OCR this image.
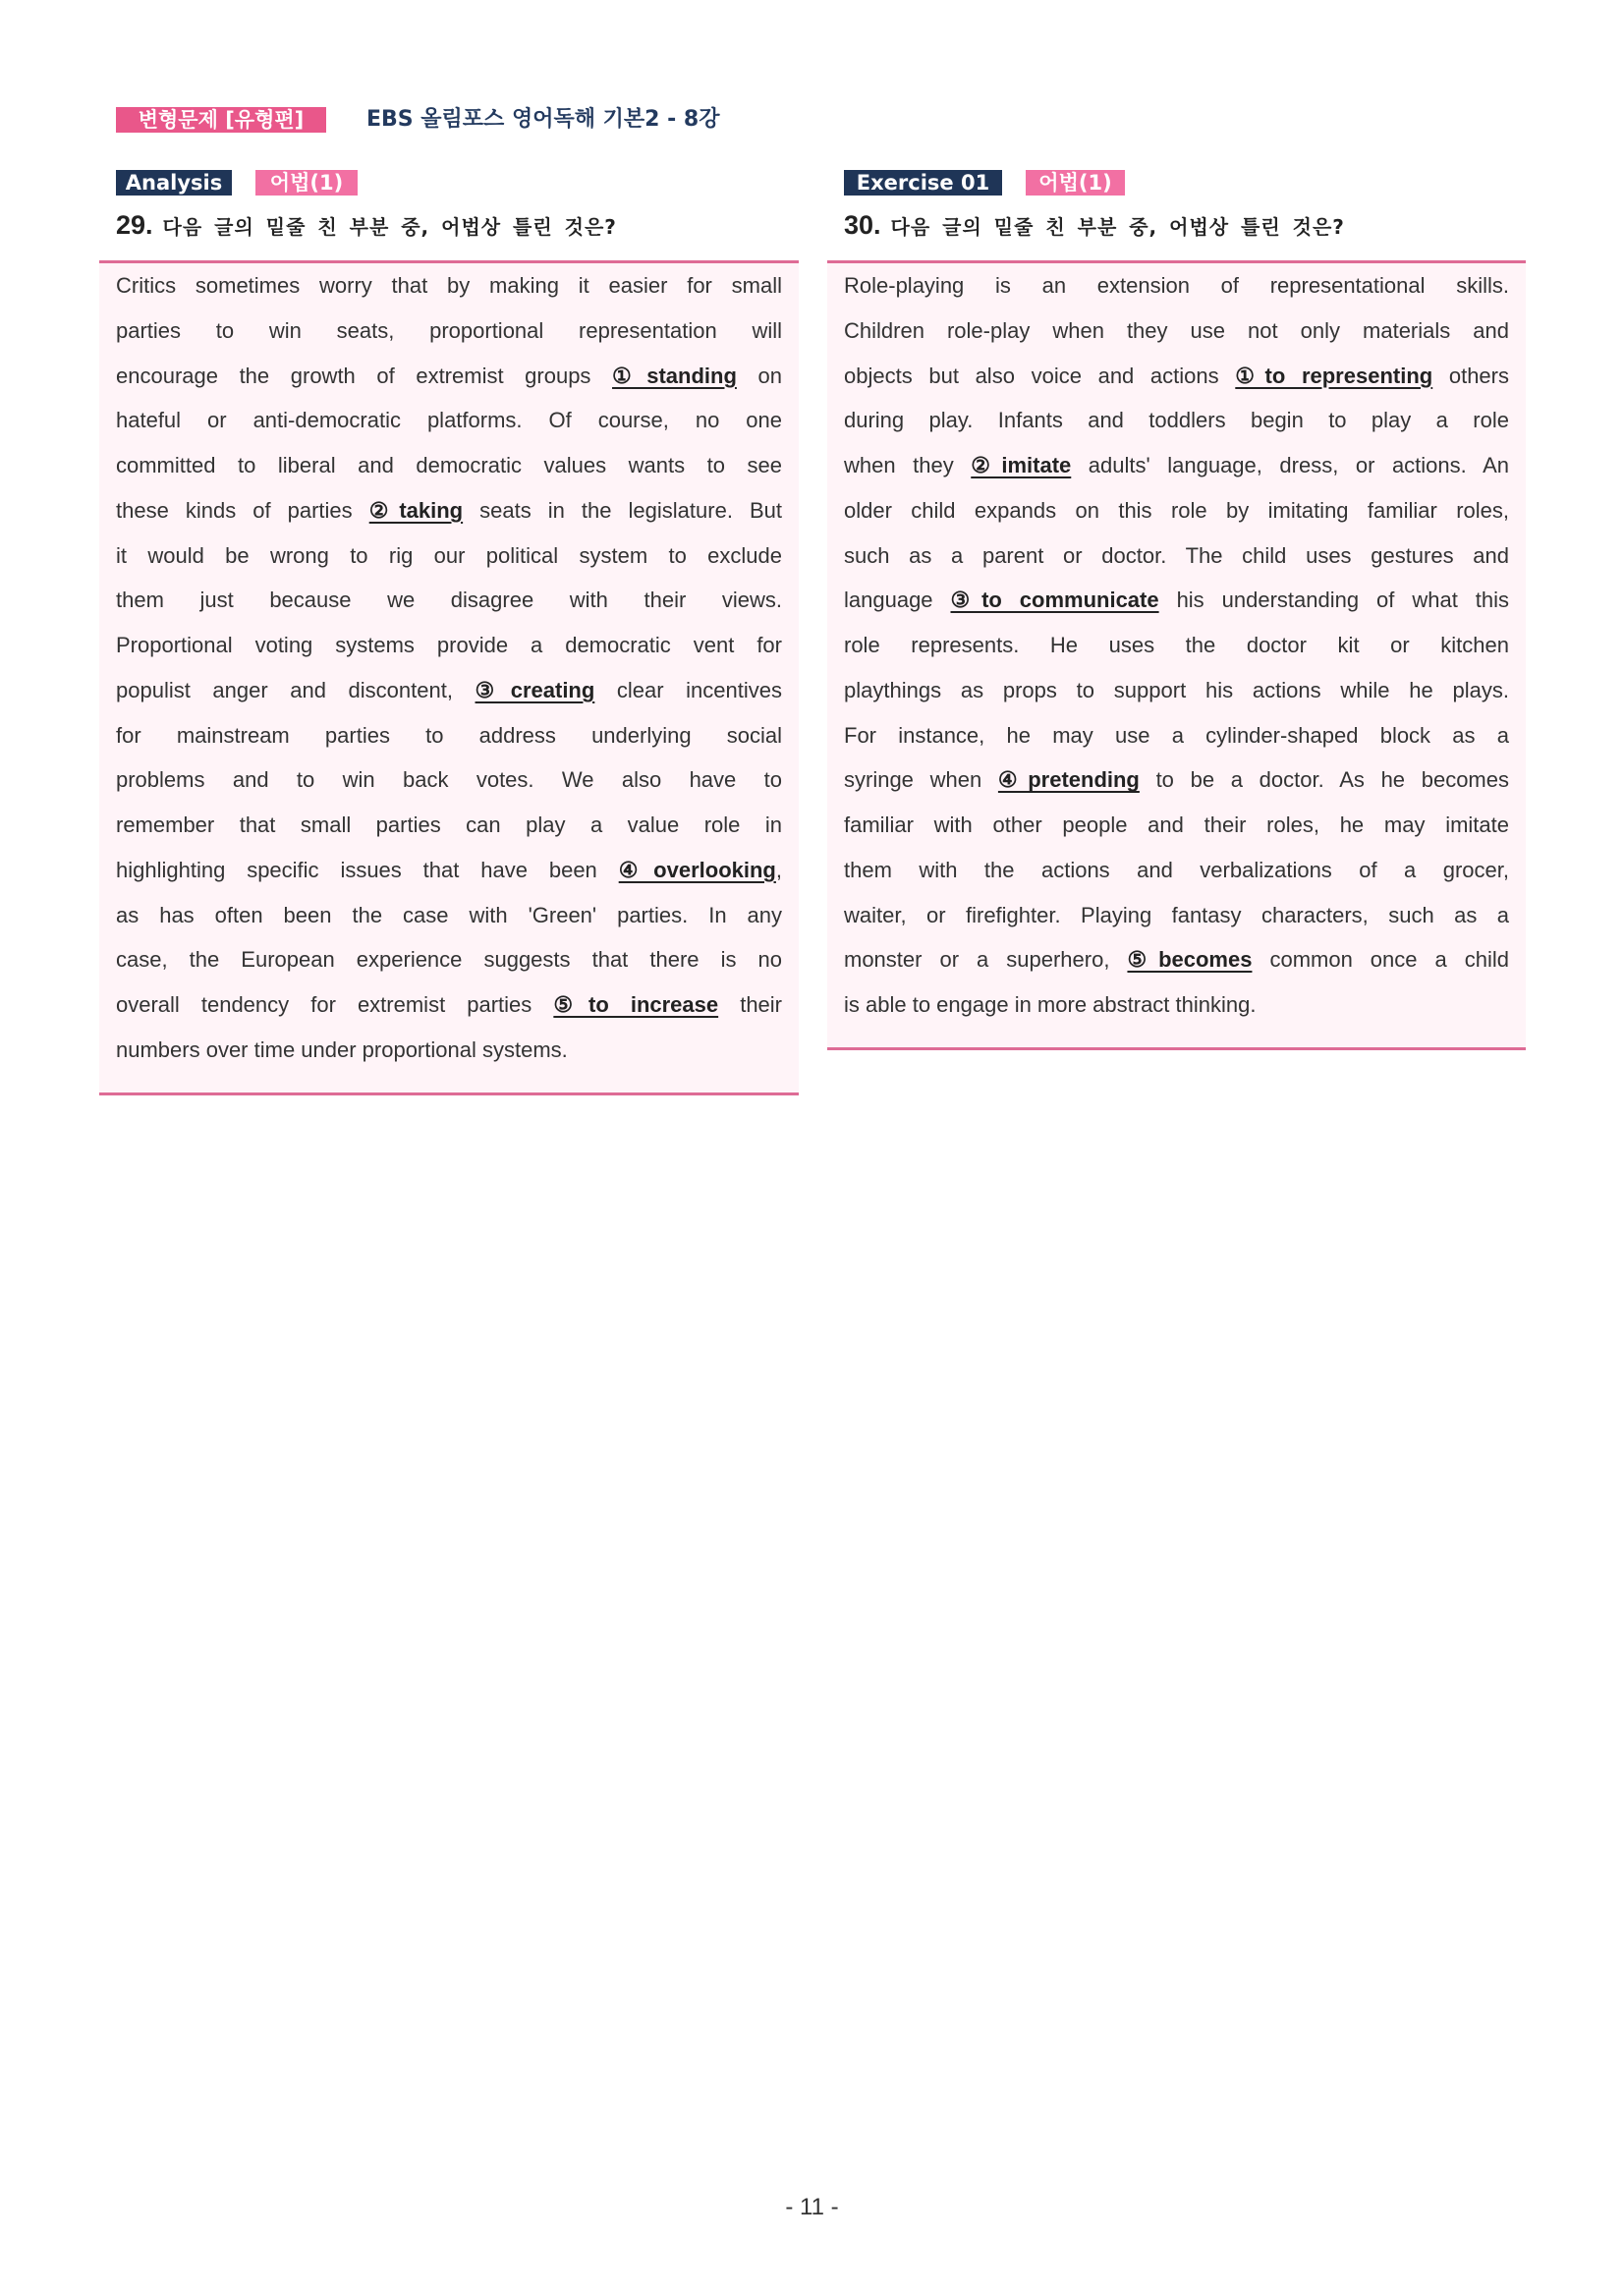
변형문제 [유형편]	EBS 올림포스 영어독해 기본2 - 8강
Analysis	어법(1)
29. 다음 글의 밑줄 친 부분 중, 어법상 틀린 것은?
Critics sometimes worry that by making it easier for small
parties to win seats, proportional representation will
encourage the growth of extremist groups ①standing on
hateful or anti-democratic platforms. Of course, no one
committed to liberal and democratic values wants to see
these kinds of parties ②taking seats in the legislature. But
it would be wrong to rig our political system to exclude
them just because we disagree with their views.
Proportional voting systems provide a democratic vent for
populist anger and discontent, ③creating clear incentives
for mainstream parties to address underlying social
problems and to win back votes. We also have to
remember that small parties can play a value role in
highlighting specific issues that have been ④overlooking,
as has often been the case with 'Green' parties. In any
case, the European experience suggests that there is no
overall tendency for extremist parties ⑤to increase their
numbers over time under proportional systems.
Exercise 01	어법(1)
30. 다음 글의 밑줄 친 부분 중, 어법상 틀린 것은?
Role-playing is an extension of representational skills.
Children role-play when they use not only materials and
objects but also voice and actions ①to representing others
during play. Infants and toddlers begin to play a role
when they ②imitate adults' language, dress, or actions. An
older child expands on this role by imitating familiar roles,
such as a parent or doctor. The child uses gestures and
language ③to communicate his understanding of what this
role represents. He uses the doctor kit or kitchen
playthings as props to support his actions while he plays.
For instance, he may use a cylinder-shaped block as a
syringe when ④pretending to be a doctor. As he becomes
familiar with other people and their roles, he may imitate
them with the actions and verbalizations of a grocer,
waiter, or firefighter. Playing fantasy characters, such as a
monster or a superhero, ⑤becomes common once a child
is able to engage in more abstract thinking.
- 11 -
